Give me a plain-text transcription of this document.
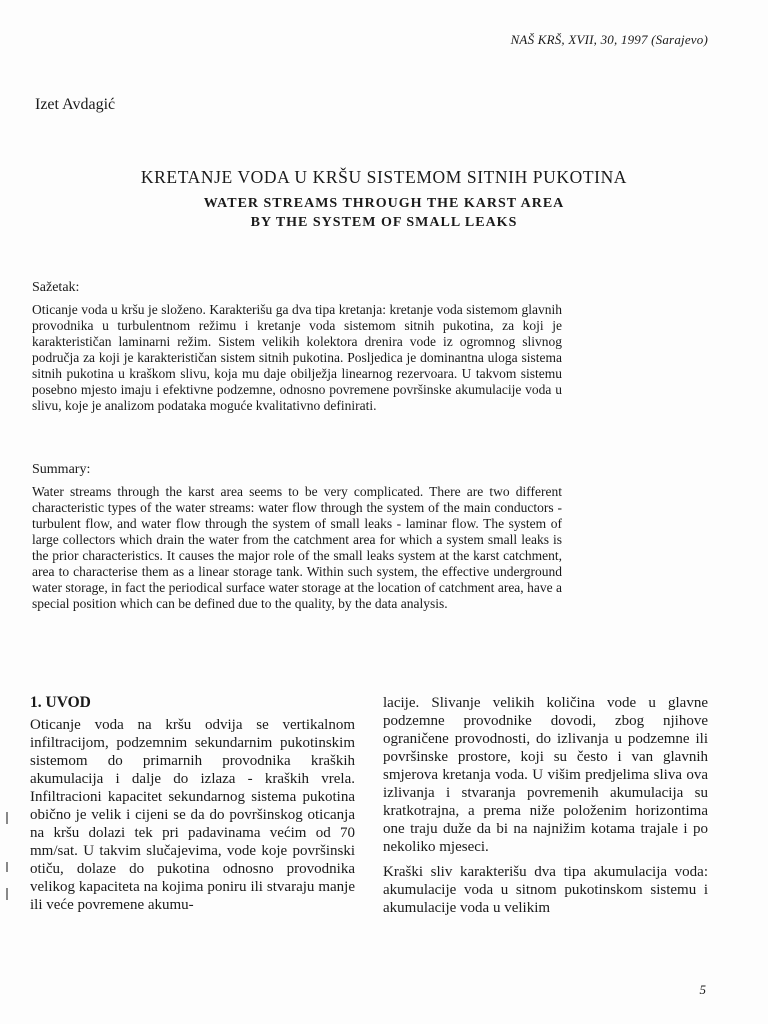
NAŠ KRŠ, XVII, 30, 1997 (Sarajevo)
Izet Avdagić
KRETANJE VODA U KRŠU SISTEMOM SITNIH PUKOTINA
WATER STREAMS THROUGH THE KARST AREA
BY THE SYSTEM OF SMALL LEAKS
Sažetak:
Oticanje voda u kršu je složeno. Karakterišu ga dva tipa kretanja: kretanje voda sistemom glavnih provodnika u turbulentnom režimu i kretanje voda sistemom sitnih pukotina, za koji je karakterističan laminarni režim. Sistem velikih kolektora drenira vode iz ogromnog slivnog područja za koji je karakterističan sistem sitnih pukotina. Posljedica je dominantna uloga sistema sitnih pukotina u kraškom slivu, koja mu daje obilježja linearnog rezervoara. U takvom sistemu posebno mjesto imaju i efektivne podzemne, odnosno povremene površinske akumulacije voda u slivu, koje je analizom podataka moguće kvalitativno definirati.
Summary:
Water streams through the karst area seems to be very complicated. There are two different characteristic types of the water streams: water flow through the system of the main conductors - turbulent flow, and water flow through the system of small leaks - laminar flow. The system of large collectors which drain the water from the catchment area for which a system small leaks is the prior characteristics. It causes the major role of the small leaks system at the karst catchment, area to characterise them as a linear storage tank. Within such system, the effective underground water storage, in fact the periodical surface water storage at the location of catchment area, have a special position which can be defined due to the quality, by the data analysis.
1. UVOD

Oticanje voda na kršu odvija se vertikalnom infiltracijom, podzemnim sekundarnim pukotinskim sistemom do primarnih provodnika kraških akumulacija i dalje do izlaza - kraških vrela. Infiltracioni kapacitet sekundarnog sistema pukotina obično je velik i cijeni se da do površinskog oticanja na kršu dolazi tek pri padavinama većim od 70 mm/sat. U takvim slučajevima, vode koje površinski otiču, dolaze do pukotina odnosno provodnika velikog kapaciteta na kojima poniru ili stvaraju manje ili veće povremene akumu-

lacije. Slivanje velikih količina vode u glavne podzemne provodnike dovodi, zbog njihove ograničene provodnosti, do izlivanja u podzemne ili površinske prostore, koji su često i van glavnih smjerova kretanja voda. U višim predjelima sliva ova izlivanja i stvaranja povremenih akumulacija su kratkotrajna, a prema niže položenim horizontima one traju duže da bi na najnižim kotama trajale i po nekoliko mjeseci.

Kraški sliv karakterišu dva tipa akumulacija voda: akumulacije voda u sitnom pukotinskom sistemu i akumulacije voda u velikim

5
